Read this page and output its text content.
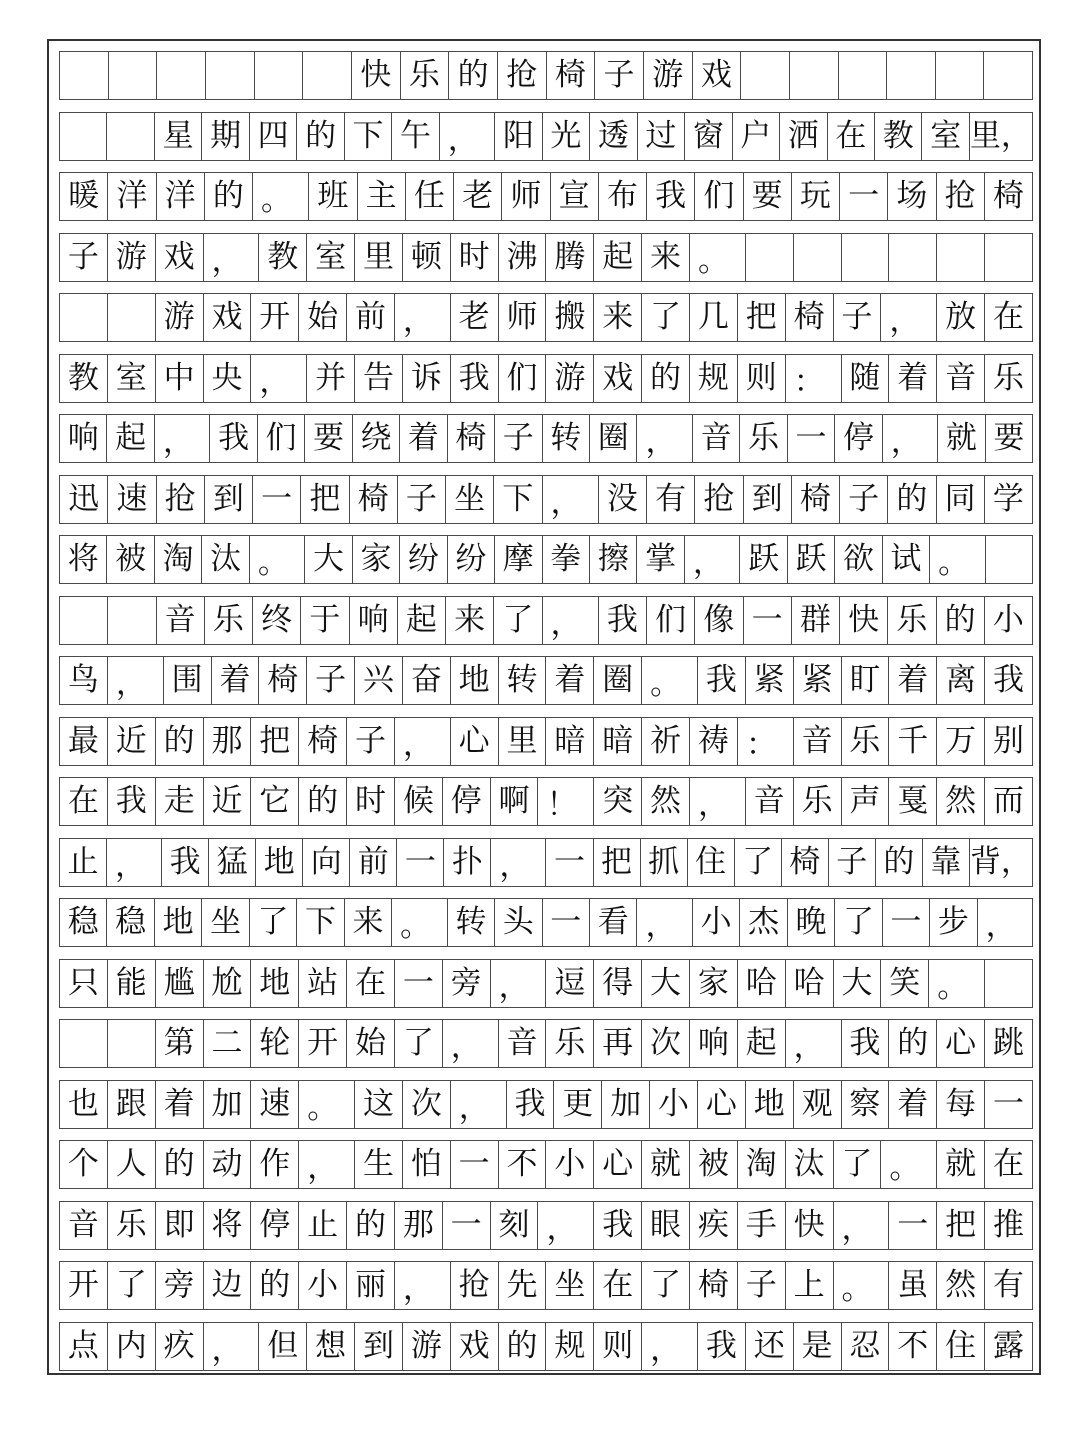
快 乐 的 抢 椅 子 游 戏
星 期 四 的 下 午 ， 阳 光 透 过 窗 户 洒 在 教 室 里，
暖 洋 洋 的 。 班 主 任 老 师 宣 布 我 们 要 玩 一 场 抢 椅
子 游 戏 ， 教 室 里 顿 时 沸 腾 起 来 。
游 戏 开 始 前 ， 老 师 搬 来 了 几 把 椅 子 ， 放 在
教 室 中 央 ， 并 告 诉 我 们 游 戏 的 规 则 ： 随 着 音 乐
响 起 ， 我 们 要 绕 着 椅 子 转 圈 ， 音 乐 一 停 ， 就 要
迅 速 抢 到 一 把 椅 子 坐 下 ， 没 有 抢 到 椅 子 的 同 学
将 被 淘 汰 。 大 家 纷 纷 摩 拳 擦 掌 ， 跃 跃 欲 试 。
音 乐 终 于 响 起 来 了 ， 我 们 像 一 群 快 乐 的 小
鸟 ， 围 着 椅 子 兴 奋 地 转 着 圈 。 我 紧 紧 盯 着 离 我
最 近 的 那 把 椅 子 ， 心 里 暗 暗 祈 祷 ： 音 乐 千 万 别
在 我 走 近 它 的 时 候 停 啊 ！ 突 然 ， 音 乐 声 戛 然 而
止 ， 我 猛 地 向 前 一 扑 ， 一 把 抓 住 了 椅 子 的 靠 背，
稳 稳 地 坐 了 下 来 。 转 头 一 看 ， 小 杰 晚 了 一 步 ，
只 能 尴 尬 地 站 在 一 旁 ， 逗 得 大 家 哈 哈 大 笑 。
第 二 轮 开 始 了 ， 音 乐 再 次 响 起 ， 我 的 心 跳
也 跟 着 加 速 。 这 次 ， 我 更 加 小 心 地 观 察 着 每 一
个 人 的 动 作 ， 生 怕 一 不 小 心 就 被 淘 汰 了 。 就 在
音 乐 即 将 停 止 的 那 一 刻 ， 我 眼 疾 手 快 ， 一 把 推
开 了 旁 边 的 小 丽 ， 抢 先 坐 在 了 椅 子 上 。 虽 然 有
点 内 疚 ， 但 想 到 游 戏 的 规 则 ， 我 还 是 忍 不 住 露
